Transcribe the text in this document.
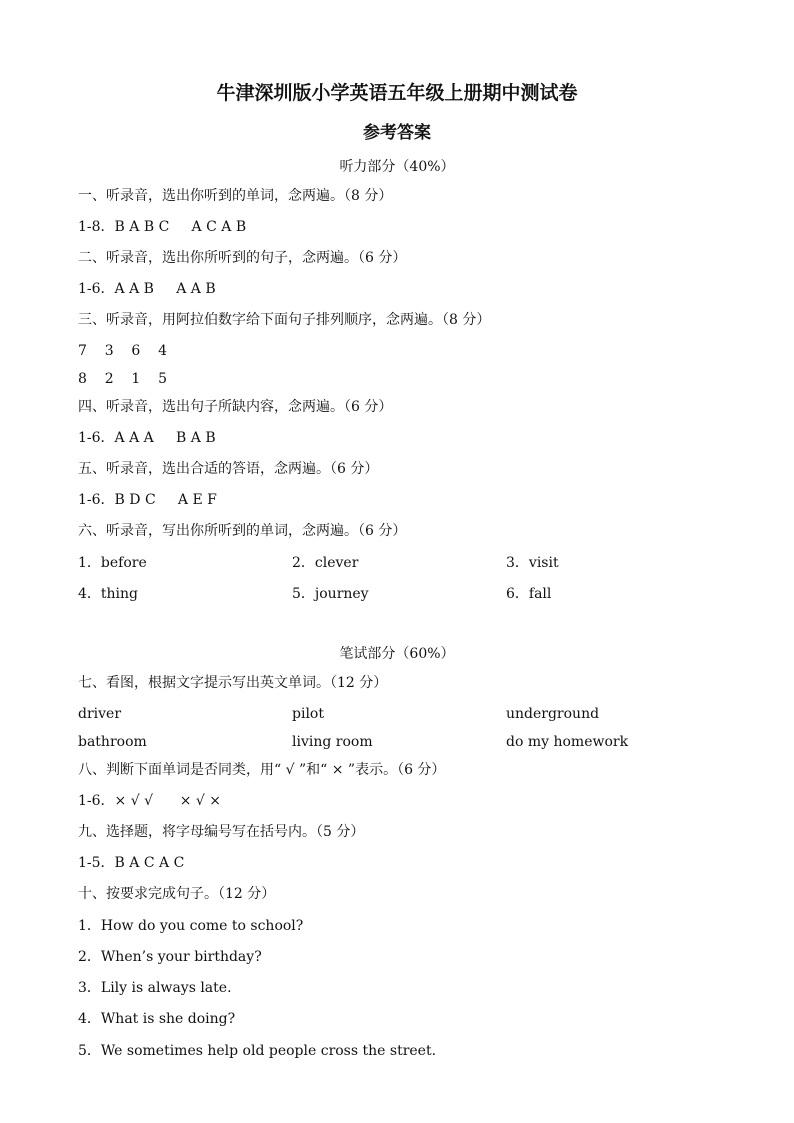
牛津深圳版小学英语五年级上册期中测试卷
参考答案
听力部分（40%）
一、听录音，选出你听到的单词，念两遍。（8 分）
1-8．B A B C     A C A B
二、听录音，选出你所听到的句子，念两遍。（6 分）
1-6．A A B     A A B
三、听录音，用阿拉伯数字给下面句子排列顺序，念两遍。（8 分）
7    3    6    4
8    2    1    5
四、听录音，选出句子所缺内容，念两遍。（6 分）
1-6．A A A     B A B
五、听录音，选出合适的答语，念两遍。（6 分）
1-6．B D C     A E F
六、听录音，写出你所听到的单词，念两遍。（6 分）
1．before	2．clever	3．visit
4．thing	5．journey	6．fall
笔试部分（60%）
七、看图，根据文字提示写出英文单词。（12 分）
driver	pilot	underground
bathroom	living room	do my homework
八、判断下面单词是否同类，用“ √ ”和“ × ”表示。（6 分）
1-6．× √ √      × √ ×
九、选择题，将字母编号写在括号内。（5 分）
1-5．B A C A C
十、按要求完成句子。（12 分）
1．How do you come to school?
2．When’s your birthday?
3．Lily is always late.
4．What is she doing?
5．We sometimes help old people cross the street.
